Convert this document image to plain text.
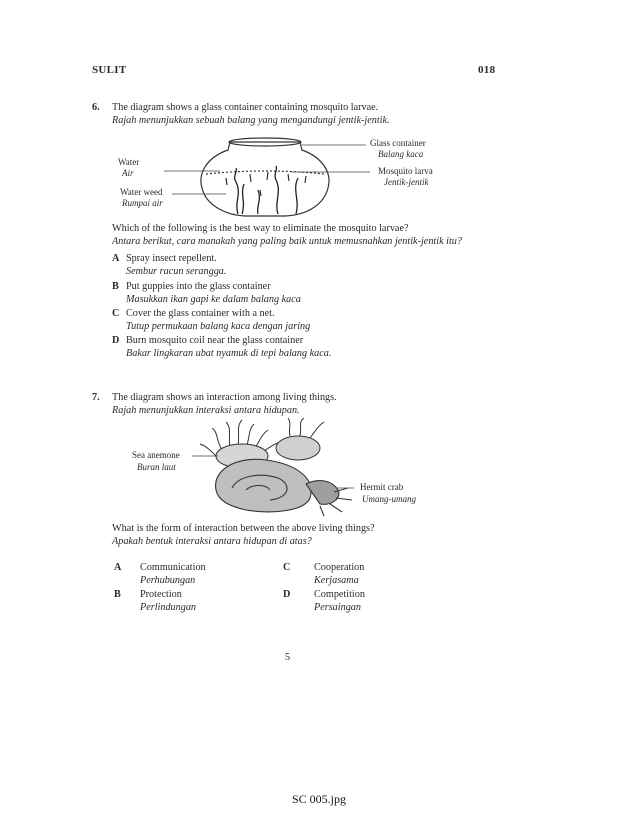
SULIT	018
6. The diagram shows a glass container containing mosquito larvae.
Rajah menunjukkan sebuah balang yang mengandungi jentik-jentik.
Water
Air
Water weed
Rumpai air
Glass container
Balang kaca
Mosquito larva
Jentik-jentik
Which of the following is the best way to eliminate the mosquito larvae?
Antara berikut, cara manakah yang paling baik untuk memusnahkan jentik-jentik itu?
A Spray insect repellent.
Sembur racun serangga.
B Put guppies into the glass container
Masukkan ikan gapi ke dalam balang kaca
C Cover the glass container with a net.
Tutup permukaan balang kaca dengan jaring
D Burn mosquito coil near the glass container
Bakar lingkaran ubat nyamuk di tepi balang kaca.
7. The diagram shows an interaction among living things.
Rajah menunjukkan interaksi antara hidupan.
Sea anemone
Buran laut
Hermit crab
Umang-umang
What is the form of interaction between the above living things?
Apakah bentuk interaksi antara hidupan di atas?
A Communication
Perhubungan
B Protection
Perlindungan
C Cooperation
Kerjasama
D Competition
Persaingan
5
SC 005.jpg
